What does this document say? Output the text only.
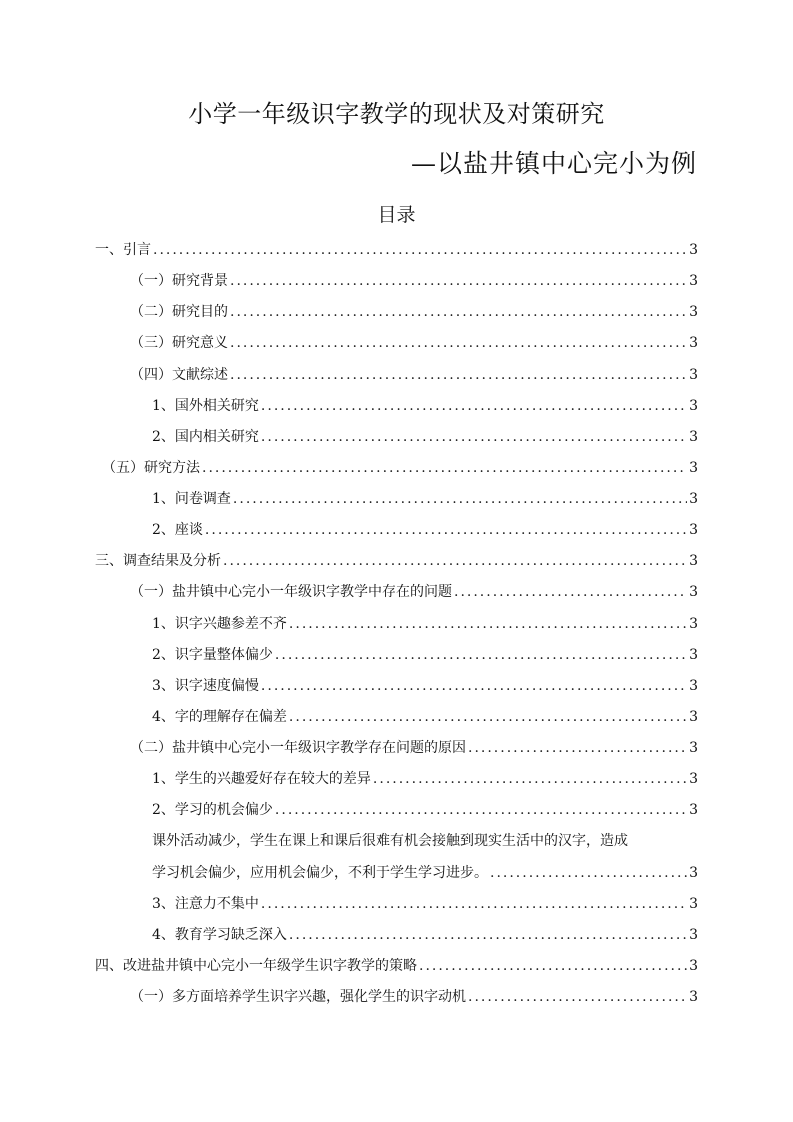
小学一年级识字教学的现状及对策研究
—以盐井镇中心完小为例
目录
一、引言 .....	3
（一）研究背景 .....	3
（二）研究目的 .....	3
（三）研究意义 .....	3
（四）文献综述 .....	3
1、国外相关研究 .....	3
2、国内相关研究 .....	3
（五）研究方法 .....	3
1、问卷调查 .....	3
2、座谈 .....	3
三、调查结果及分析 .....	3
（一）盐井镇中心完小一年级识字教学中存在的问题 .....	3
1、识字兴趣参差不齐 .....	3
2、识字量整体偏少 .....	3
3、识字速度偏慢 .....	3
4、字的理解存在偏差 .....	3
（二）盐井镇中心完小一年级识字教学存在问题的原因 .....	3
1、学生的兴趣爱好存在较大的差异 .....	3
2、学习的机会偏少 .....	3
课外活动减少，学生在课上和课后很难有机会接触到现实生活中的汉字，造成
学习机会偏少，应用机会偏少，不利于学生学习进步。 .....	3
3、注意力不集中 .....	3
4、教育学习缺乏深入 .....	3
四、改进盐井镇中心完小一年级学生识字教学的策略 .....	3
（一）多方面培养学生识字兴趣，强化学生的识字动机 .....	3
